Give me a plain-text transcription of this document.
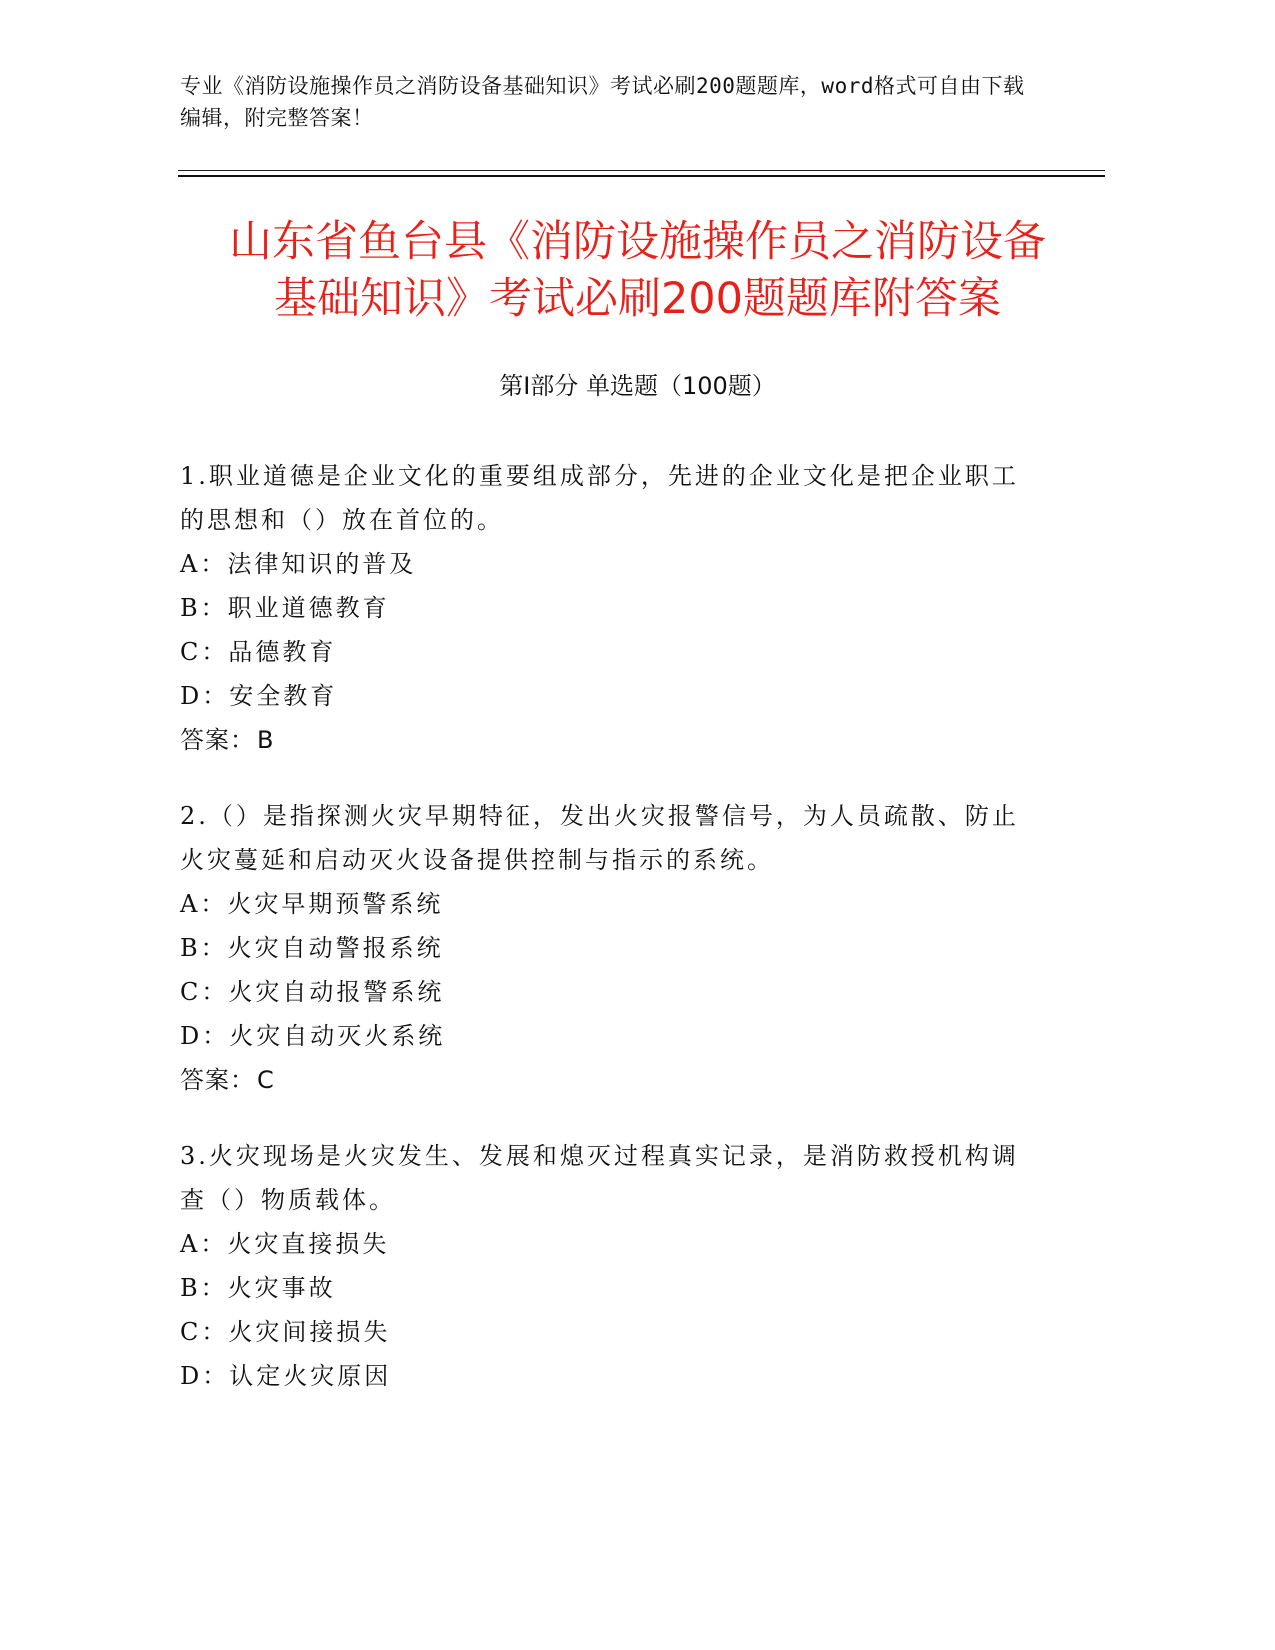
专业《消防设施操作员之消防设备基础知识》考试必刷200题题库，word格式可自由下载编辑，附完整答案！
山东省鱼台县《消防设施操作员之消防设备
基础知识》考试必刷200题题库附答案
第Ⅰ部分 单选题（100题）
1.职业道德是企业文化的重要组成部分，先进的企业文化是把企业职工的思想和（）放在首位的。

A：法律知识的普及

B：职业道德教育

C：品德教育

D：安全教育

答案：B
2.（）是指探测火灾早期特征，发出火灾报警信号，为人员疏散、防止火灾蔓延和启动灭火设备提供控制与指示的系统。

A：火灾早期预警系统

B：火灾自动警报系统

C：火灾自动报警系统

D：火灾自动灭火系统

答案：C
3.火灾现场是火灾发生、发展和熄灭过程真实记录，是消防救授机构调查（）物质载体。

A：火灾直接损失

B：火灾事故

C：火灾间接损失

D：认定火灾原因
